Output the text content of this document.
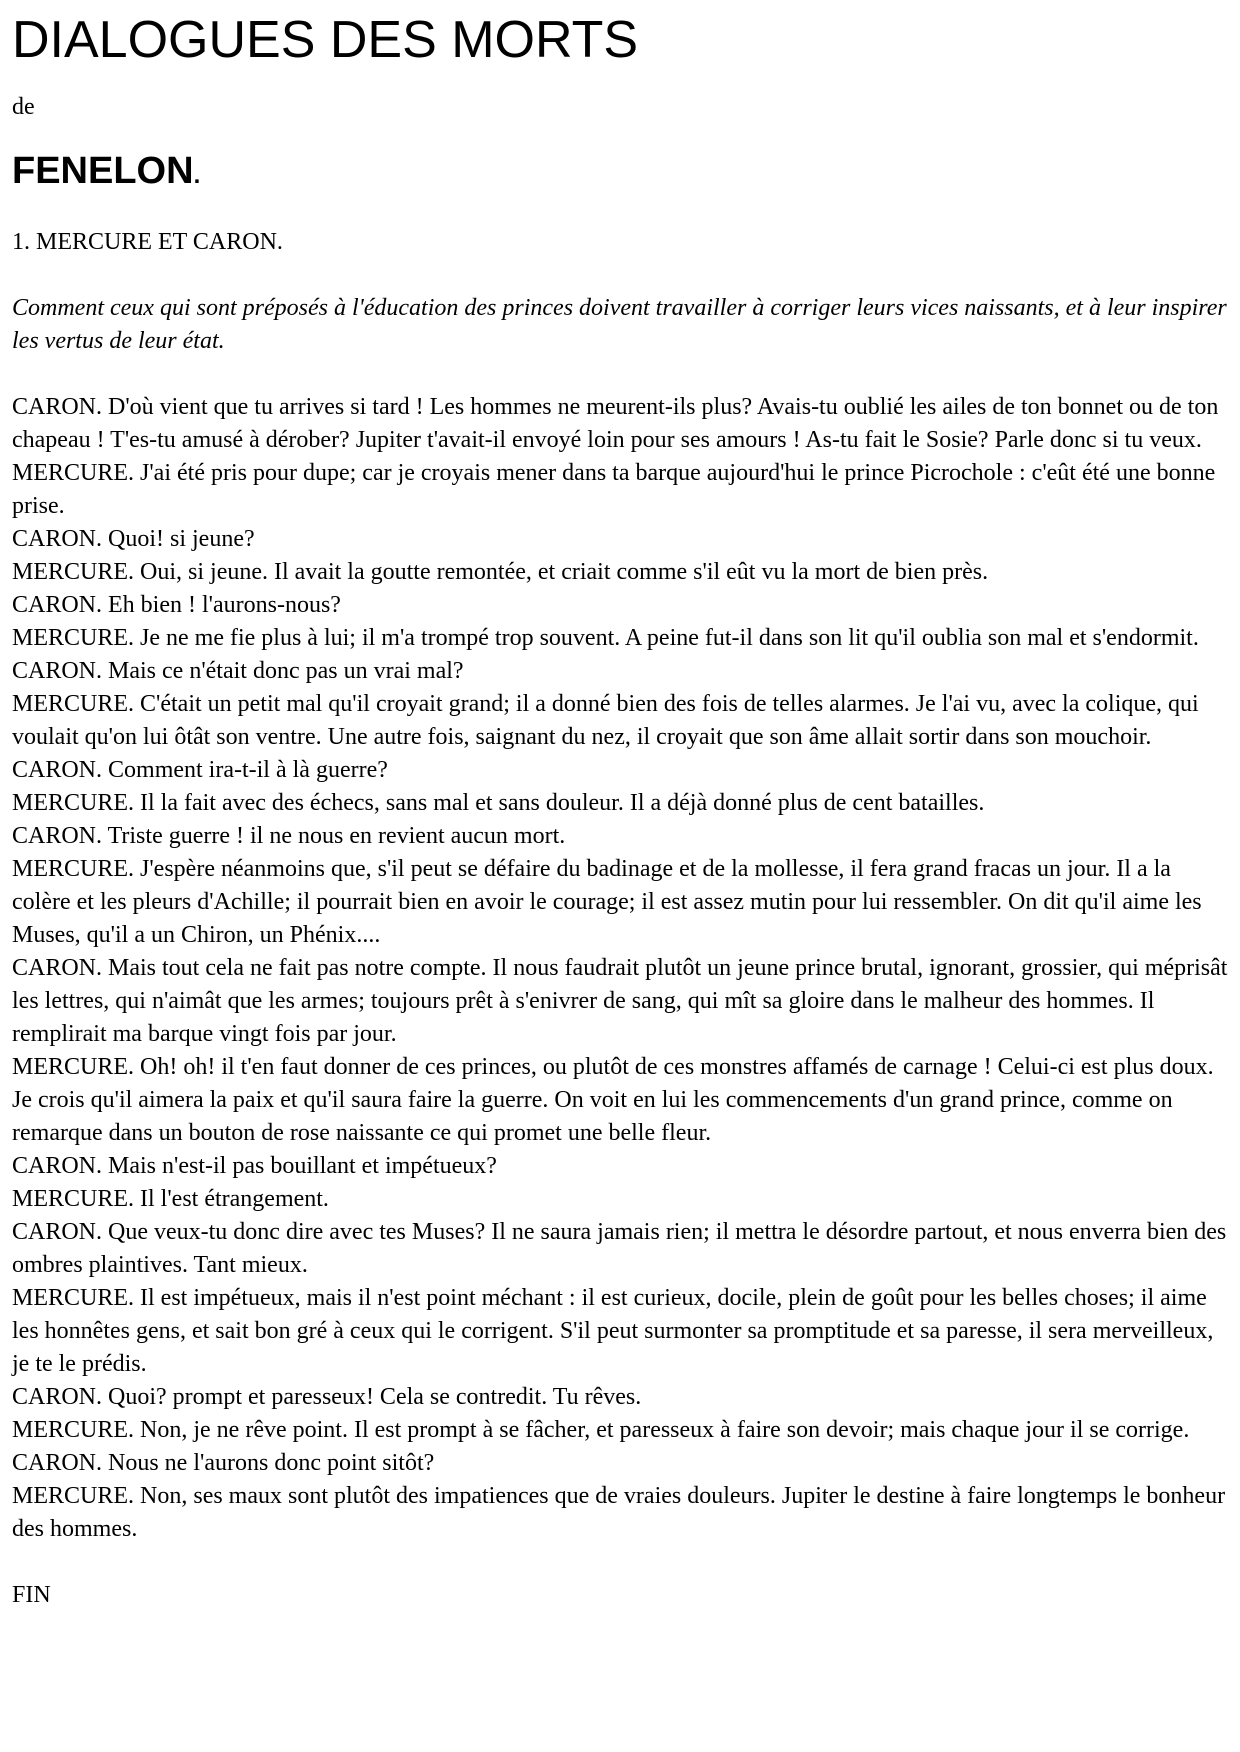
DIALOGUES DES MORTS

de

FENELON.

1. MERCURE ET CARON.

Comment ceux qui sont préposés à l'éducation des princes doivent travailler à corriger leurs vices naissants, et à leur inspirer les vertus de leur état.

CARON. D'où vient que tu arrives si tard ! Les hommes ne meurent-ils plus? Avais-tu oublié les ailes de ton bonnet ou de ton chapeau ! T'es-tu amusé à dérober? Jupiter t'avait-il envoyé loin pour ses amours ! As-tu fait le Sosie? Parle donc si tu veux.

MERCURE. J'ai été pris pour dupe; car je croyais mener dans ta barque aujourd'hui le prince Picrochole : c'eût été une bonne prise.

CARON. Quoi! si jeune?

MERCURE. Oui, si jeune. Il avait la goutte remontée, et criait comme s'il eût vu la mort de bien près.

CARON. Eh bien ! l'aurons-nous?

MERCURE. Je ne me fie plus à lui; il m'a trompé trop souvent. A peine fut-il dans son lit qu'il oublia son mal et s'endormit.

CARON. Mais ce n'était donc pas un vrai mal?

MERCURE. C'était un petit mal qu'il croyait grand; il a donné bien des fois de telles alarmes. Je l'ai vu, avec la colique, qui voulait qu'on lui ôtât son ventre. Une autre fois, saignant du nez, il croyait que son âme allait sortir dans son mouchoir.

CARON. Comment ira-t-il à là guerre?

MERCURE. Il la fait avec des échecs, sans mal et sans douleur. Il a déjà donné plus de cent batailles.

CARON. Triste guerre ! il ne nous en revient aucun mort.

MERCURE. J'espère néanmoins que, s'il peut se défaire du badinage et de la mollesse, il fera grand fracas un jour. Il a la colère et les pleurs d'Achille; il pourrait bien en avoir le courage; il est assez mutin pour lui ressembler. On dit qu'il aime les Muses, qu'il a un Chiron, un Phénix....

CARON. Mais tout cela ne fait pas notre compte. Il nous faudrait plutôt un jeune prince brutal, ignorant, grossier, qui méprisât les lettres, qui n'aimât que les armes; toujours prêt à s'enivrer de sang, qui mît sa gloire dans le malheur des hommes. Il remplirait ma barque vingt fois par jour.

MERCURE. Oh! oh! il t'en faut donner de ces princes, ou plutôt de ces monstres affamés de carnage ! Celui-ci est plus doux. Je crois qu'il aimera la paix et qu'il saura faire la guerre. On voit en lui les commencements d'un grand prince, comme on remarque dans un bouton de rose naissante ce qui promet une belle fleur.

CARON. Mais n'est-il pas bouillant et impétueux?

MERCURE. Il l'est étrangement.

CARON. Que veux-tu donc dire avec tes Muses? Il ne saura jamais rien; il mettra le désordre partout, et nous enverra bien des ombres plaintives. Tant mieux.

MERCURE. Il est impétueux, mais il n'est point méchant : il est curieux, docile, plein de goût pour les belles choses; il aime les honnêtes gens, et sait bon gré à ceux qui le corrigent. S'il peut surmonter sa promptitude et sa paresse, il sera merveilleux, je te le prédis.

CARON. Quoi? prompt et paresseux! Cela se contredit. Tu rêves.

MERCURE. Non, je ne rêve point. Il est prompt à se fâcher, et paresseux à faire son devoir; mais chaque jour il se corrige.

CARON. Nous ne l'aurons donc point sitôt?

MERCURE. Non, ses maux sont plutôt des impatiences que de vraies douleurs. Jupiter le destine à faire longtemps le bonheur des hommes.

FIN
